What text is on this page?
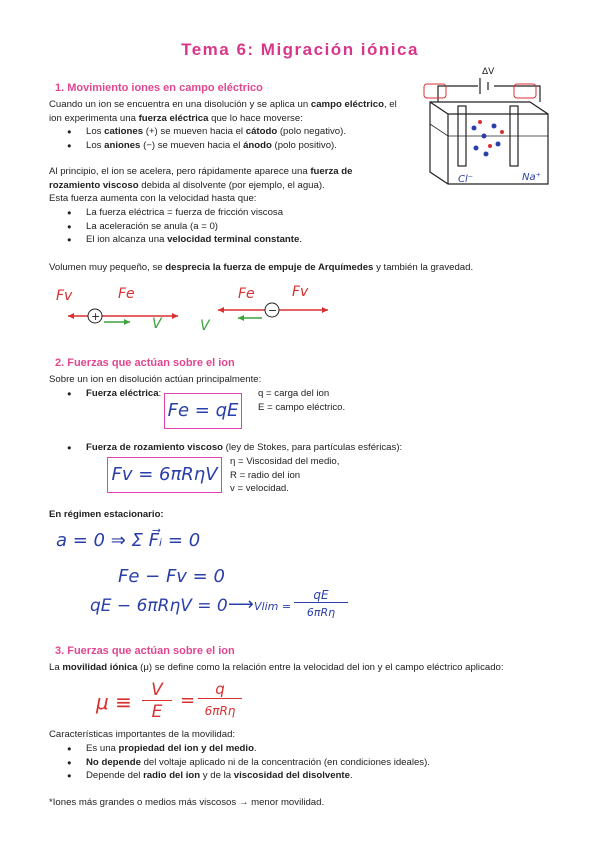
Tema 6: Migración iónica
1. Movimiento iones en campo eléctrico
Cuando un ion se encuentra en una disolución y se aplica un campo eléctrico, el
ion experimenta una fuerza eléctrica que lo hace moverse:
● Los cationes (+) se mueven hacia el cátodo (polo negativo).
● Los aniones (−) se mueven hacia el ánodo (polo positivo).
Al principio, el ion se acelera, pero rápidamente aparece una fuerza de
rozamiento viscoso debida al disolvente (por ejemplo, el agua).
Esta fuerza aumenta con la velocidad hasta que:
● La fuerza eléctrica = fuerza de fricción viscosa
● La aceleración se anula (a = 0)
● El ion alcanza una velocidad terminal constante.
Volumen muy pequeño, se desprecia la fuerza de empuje de Arquímedes y también la gravedad.
ΔV
Cl⁻	Na⁺
Fv	Fe
+	V	V
Fe	Fv
−
2. Fuerzas que actúan sobre el ion
Sobre un ion en disolución actúan principalmente:
● Fuerza eléctrica:
Fe = qE
q = carga del ion
E = campo eléctrico.
● Fuerza de rozamiento viscoso (ley de Stokes, para partículas esféricas):
Fv = 6πRηV
η = Viscosidad del medio,
R = radio del ion
v = velocidad.
En régimen estacionario:
a = 0 ⇒ Σ F⃗ᵢ = 0
Fe − Fv = 0
qE − 6πRηV = 0 ⟶ Vlim =
qE
6πRη
3. Fuerzas que actúan sobre el ion
La movilidad iónica (μ) se define como la relación entre la velocidad del ion y el campo eléctrico aplicado:
μ ≡	V
E
=
q
6πRη
Características importantes de la movilidad:
● Es una propiedad del ion y del medio.
● No depende del voltaje aplicado ni de la concentración (en condiciones ideales).
● Depende del radio del ion y de la viscosidad del disolvente.
*Iones más grandes o medios más viscosos → menor movilidad.
